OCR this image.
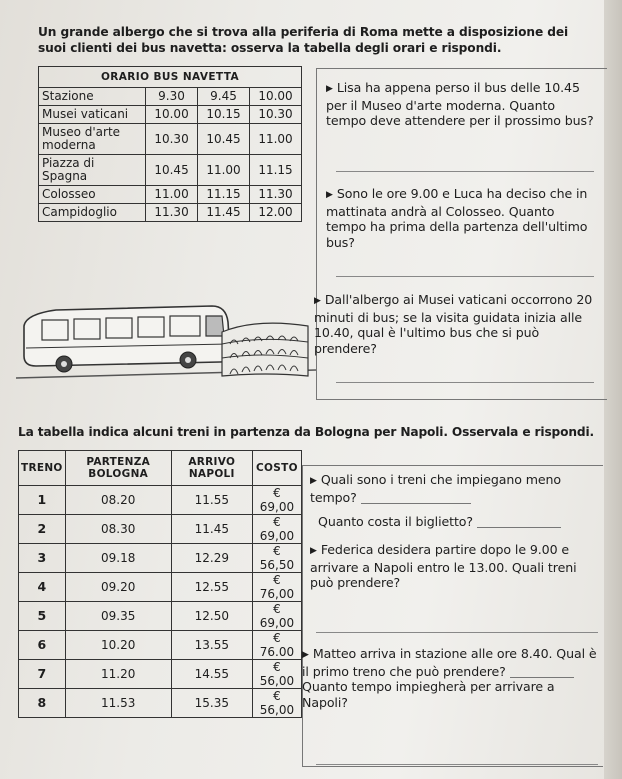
Un grande albergo che si trova alla periferia di Roma mette a disposizione dei suoi clienti dei bus navetta: osserva la tabella degli orari e rispondi.
ORARIO BUS NAVETTA			
Stazione	9.30	9.45	10.00
Musei vaticani	10.00	10.15	10.30
Museo d'arte moderna	10.30	10.45	11.00
Piazza di Spagna	10.45	11.00	11.15
Colosseo	11.00	11.15	11.30
Campidoglio	11.30	11.45	12.00
▶ Lisa ha appena perso il bus delle 10.45 per il Museo d'arte moderna. Quanto tempo deve attendere per il prossimo bus?
▶ Sono le ore 9.00 e Luca ha deciso che in mattinata andrà al Colosseo. Quanto tempo ha prima della partenza dell'ultimo bus?
▶ Dall'albergo ai Musei vaticani occorrono 20 minuti di bus; se la visita guidata inizia alle 10.40, qual è l'ultimo bus che si può prendere?
La tabella indica alcuni treni in partenza da Bologna per Napoli. Osservala e rispondi.
TRENO	PARTENZA BOLOGNA	ARRIVO NAPOLI	COSTO
1	08.20	11.55	€ 69,00
2	08.30	11.45	€ 69,00
3	09.18	12.29	€ 56,50
4	09.20	12.55	€ 76,00
5	09.35	12.50	€ 69,00
6	10.20	13.55	€ 76.00
7	11.20	14.55	€ 56,00
8	11.53	15.35	€ 56,00
▶ Quali sono i treni che impiegano meno tempo?
Quanto costa il biglietto?
▶ Federica desidera partire dopo le 9.00 e arrivare a Napoli entro le 13.00. Quali treni può prendere?
▶ Matteo arriva in stazione alle ore 8.40. Qual è il primo treno che può prendere?  Quanto tempo impiegherà per arrivare a Napoli?
